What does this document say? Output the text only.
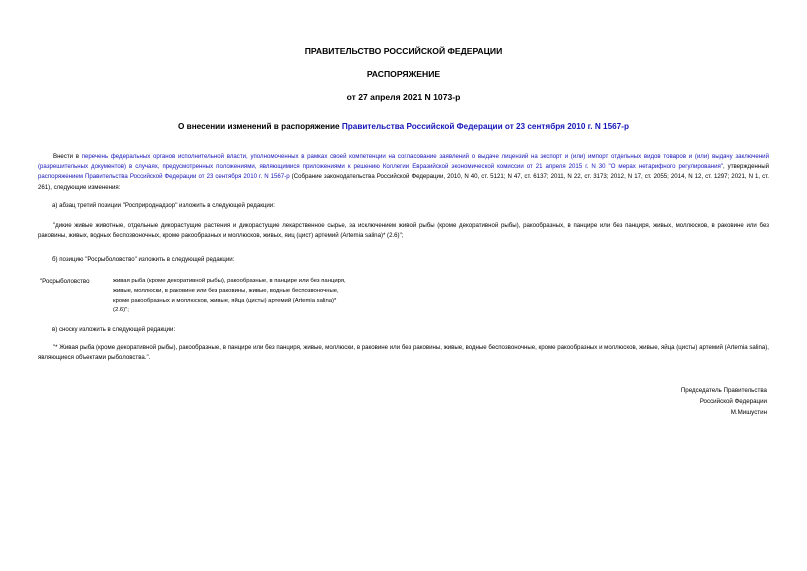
ПРАВИТЕЛЬСТВО РОССИЙСКОЙ ФЕДЕРАЦИИ
РАСПОРЯЖЕНИЕ
от 27 апреля 2021 N 1073-р
О внесении изменений в распоряжение Правительства Российской Федерации от 23 сентября 2010 г. N 1567-р
Внести в перечень федеральных органов исполнительной власти, уполномоченных в рамках своей компетенции на согласование заявлений о выдаче лицензий на экспорт и (или) импорт отдельных видов товаров и (или) выдачу заключений (разрешительных документов) в случаях, предусмотренных положениями, являющимися приложениями к решению Коллегии Евразийской экономической комиссии от 21 апреля 2015 г. N 30 "О мерах нетарифного регулирования", утвержденный распоряжением Правительства Российской Федерации от 23 сентября 2010 г. N 1567-р (Собрание законодательства Российской Федерации, 2010, N 40, ст. 5121; N 47, ст. 6137; 2011, N 22, ст. 3173; 2012, N 17, ст. 2055; 2014, N 12, ст. 1297; 2021, N 1, ст. 261), следующие изменения:
а) абзац третий позиции "Росприроднадзор" изложить в следующей редакции:
"дикие живые животные, отдельные дикорастущие растения и дикорастущие лекарственное сырье, за исключением живой рыбы (кроме декоративной рыбы), ракообразных, в панцире или без панциря, живых, моллюсков, в раковине или без раковины, живых, водных беспозвоночных, кроме ракообразных и моллюсков, живых, яиц (цист) артемий (Artemia salina)* (2.6)";
б) позицию "Росрыболовство" изложить в следующей редакции:
"Росрыболовство	живая рыба (кроме декоративной рыбы), ракообразные, в панцире или без панциря, живые, моллюски, в раковине или без раковины, живые, водные беспозвоночные, кроме ракообразных и моллюсков, живые, яйца (цисты) артемий (Artemia salina)* (2.6)";
в) сноску изложить в следующей редакции:
"* Живая рыба (кроме декоративной рыбы), ракообразные, в панцире или без панциря, живые, моллюски, в раковине или без раковины, живые, водные беспозвоночные, кроме ракообразных и моллюсков, живые, яйца (цисты) артемий (Artemia salina), являющиеся объектами рыболовства.".
Председатель Правительства
Российской Федерации
М.Мишустин
